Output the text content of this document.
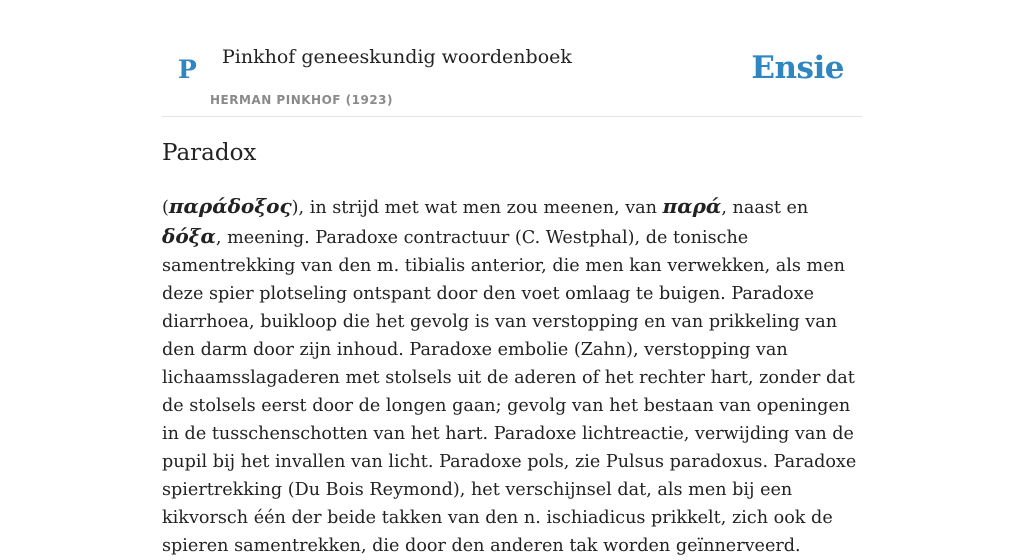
P Pinkhof geneeskundig woordenboek
HERMAN PINKHOF (1923)
Ensie
Paradox

(παράδοξος), in strijd met wat men zou meenen, van παρά, naast en δόξα, meening. Paradoxe contractuur (C. Westphal), de tonische samentrekking van den m. tibialis anterior, die men kan verwekken, als men deze spier plotseling ontspant door den voet omlaag te buigen. Paradoxe diarrhoea, buikloop die het gevolg is van verstopping en van prikkeling van den darm door zijn inhoud. Paradoxe embolie (Zahn), verstopping van lichaamsslagaderen met stolsels uit de aderen of het rechter hart, zonder dat de stolsels eerst door de longen gaan; gevolg van het bestaan van openingen in de tusschenschotten van het hart. Paradoxe lichtreactie, verwijding van de pupil bij het invallen van licht. Paradoxe pols, zie Pulsus paradoxus. Paradoxe spiertrekking (Du Bois Reymond), het verschijnsel dat, als men bij een kikvorsch één der beide takken van den n. ischiadicus prikkelt, zich ook de spieren samentrekken, die door den anderen tak worden geïnnerveerd.
